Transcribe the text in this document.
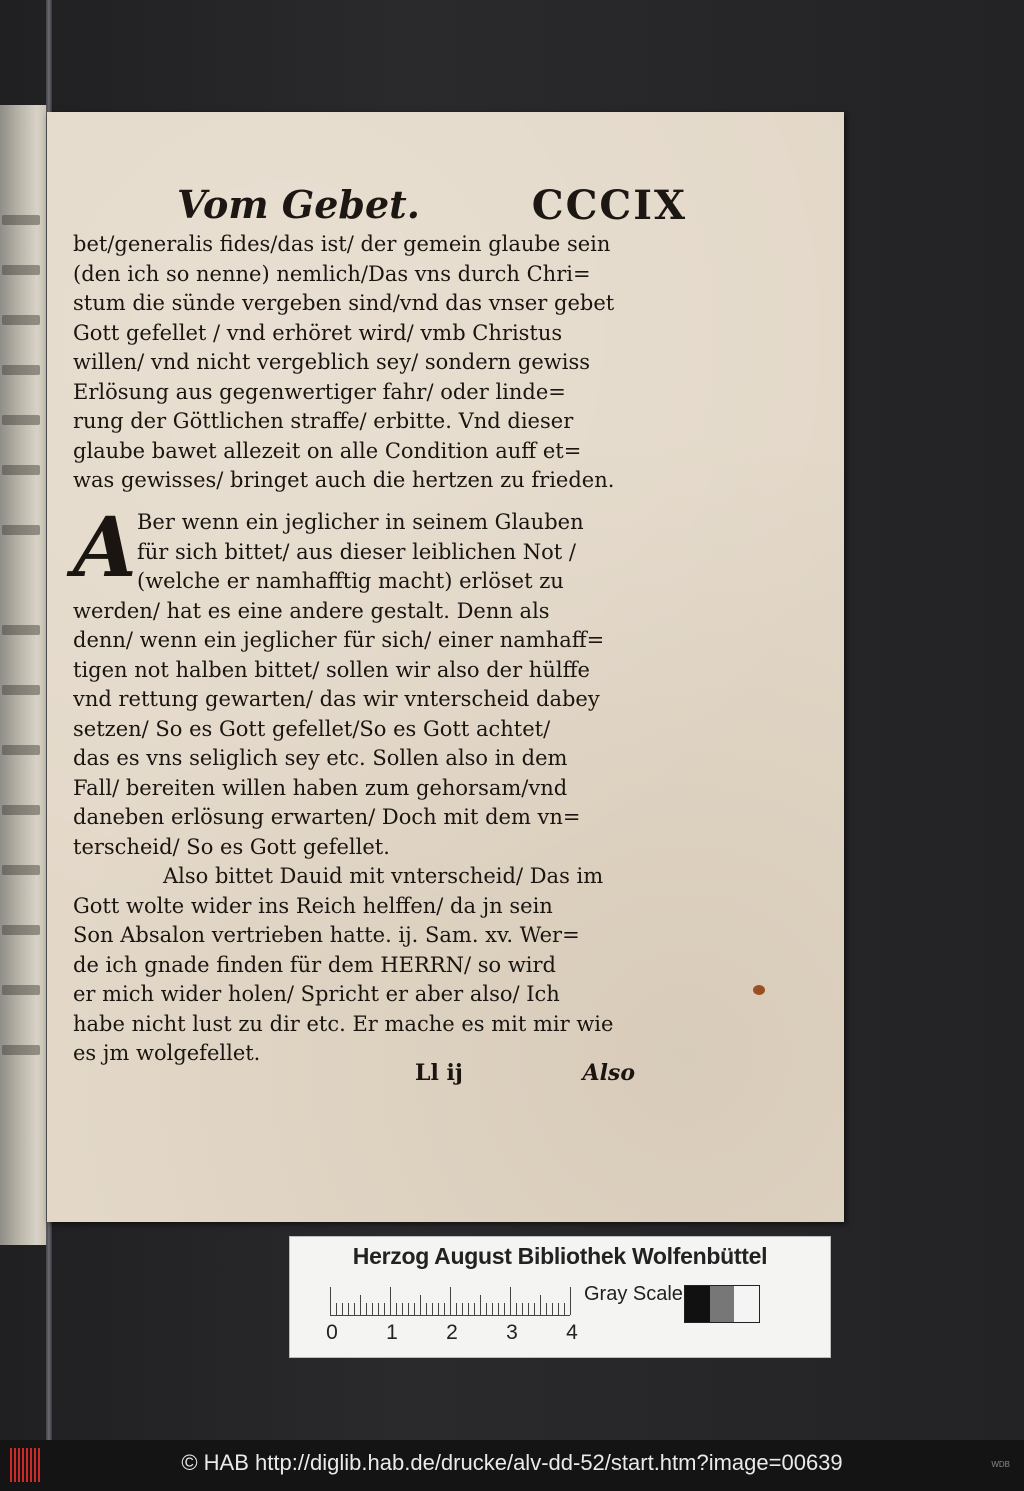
Vom Gebet.	CCCIX
bet/generalis fides/das ist/ der gemein glaube sein
(den ich so nenne) nemlich/Das vns durch Chri=
stum die sünde vergeben sind/vnd das vnser gebet
Gott gefellet / vnd erhöret wird/ vmb Christus
willen/ vnd nicht vergeblich sey/ sondern gewiss
Erlösung aus gegenwertiger fahr/ oder linde=
rung der Göttlichen straffe/ erbitte. Vnd dieser
glaube bawet allezeit on alle Condition auff et=
was gewisses/ bringet auch die hertzen zu frieden.
A Ber wenn ein jeglicher in seinem Glauben
für sich bittet/ aus dieser leiblichen Not /
(welche er namhafftig macht) erlöset zu
werden/ hat es eine andere gestalt. Denn als
denn/ wenn ein jeglicher für sich/ einer namhaff=
tigen not halben bittet/ sollen wir also der hülffe
vnd rettung gewarten/ das wir vnterscheid dabey
setzen/ So es Gott gefellet/So es Gott achtet/
das es vns seliglich sey etc. Sollen also in dem
Fall/ bereiten willen haben zum gehorsam/vnd
daneben erlösung erwarten/ Doch mit dem vn=
terscheid/ So es Gott gefellet.
Also bittet Dauid mit vnterscheid/ Das im
Gott wolte wider ins Reich helffen/ da jn sein
Son Absalon vertrieben hatte. ij. Sam. xv. Wer=
de ich gnade finden für dem HERRN/ so wird
er mich wider holen/ Spricht er aber also/ Ich
habe nicht lust zu dir etc. Er mache es mit mir wie
es jm wolgefellet.
Ll ij	Also
Herzog August Bibliothek Wolfenbüttel
0 1 2 3 4
Gray Scale
© HAB http://diglib.hab.de/drucke/alv-dd-52/start.htm?image=00639	WDB
